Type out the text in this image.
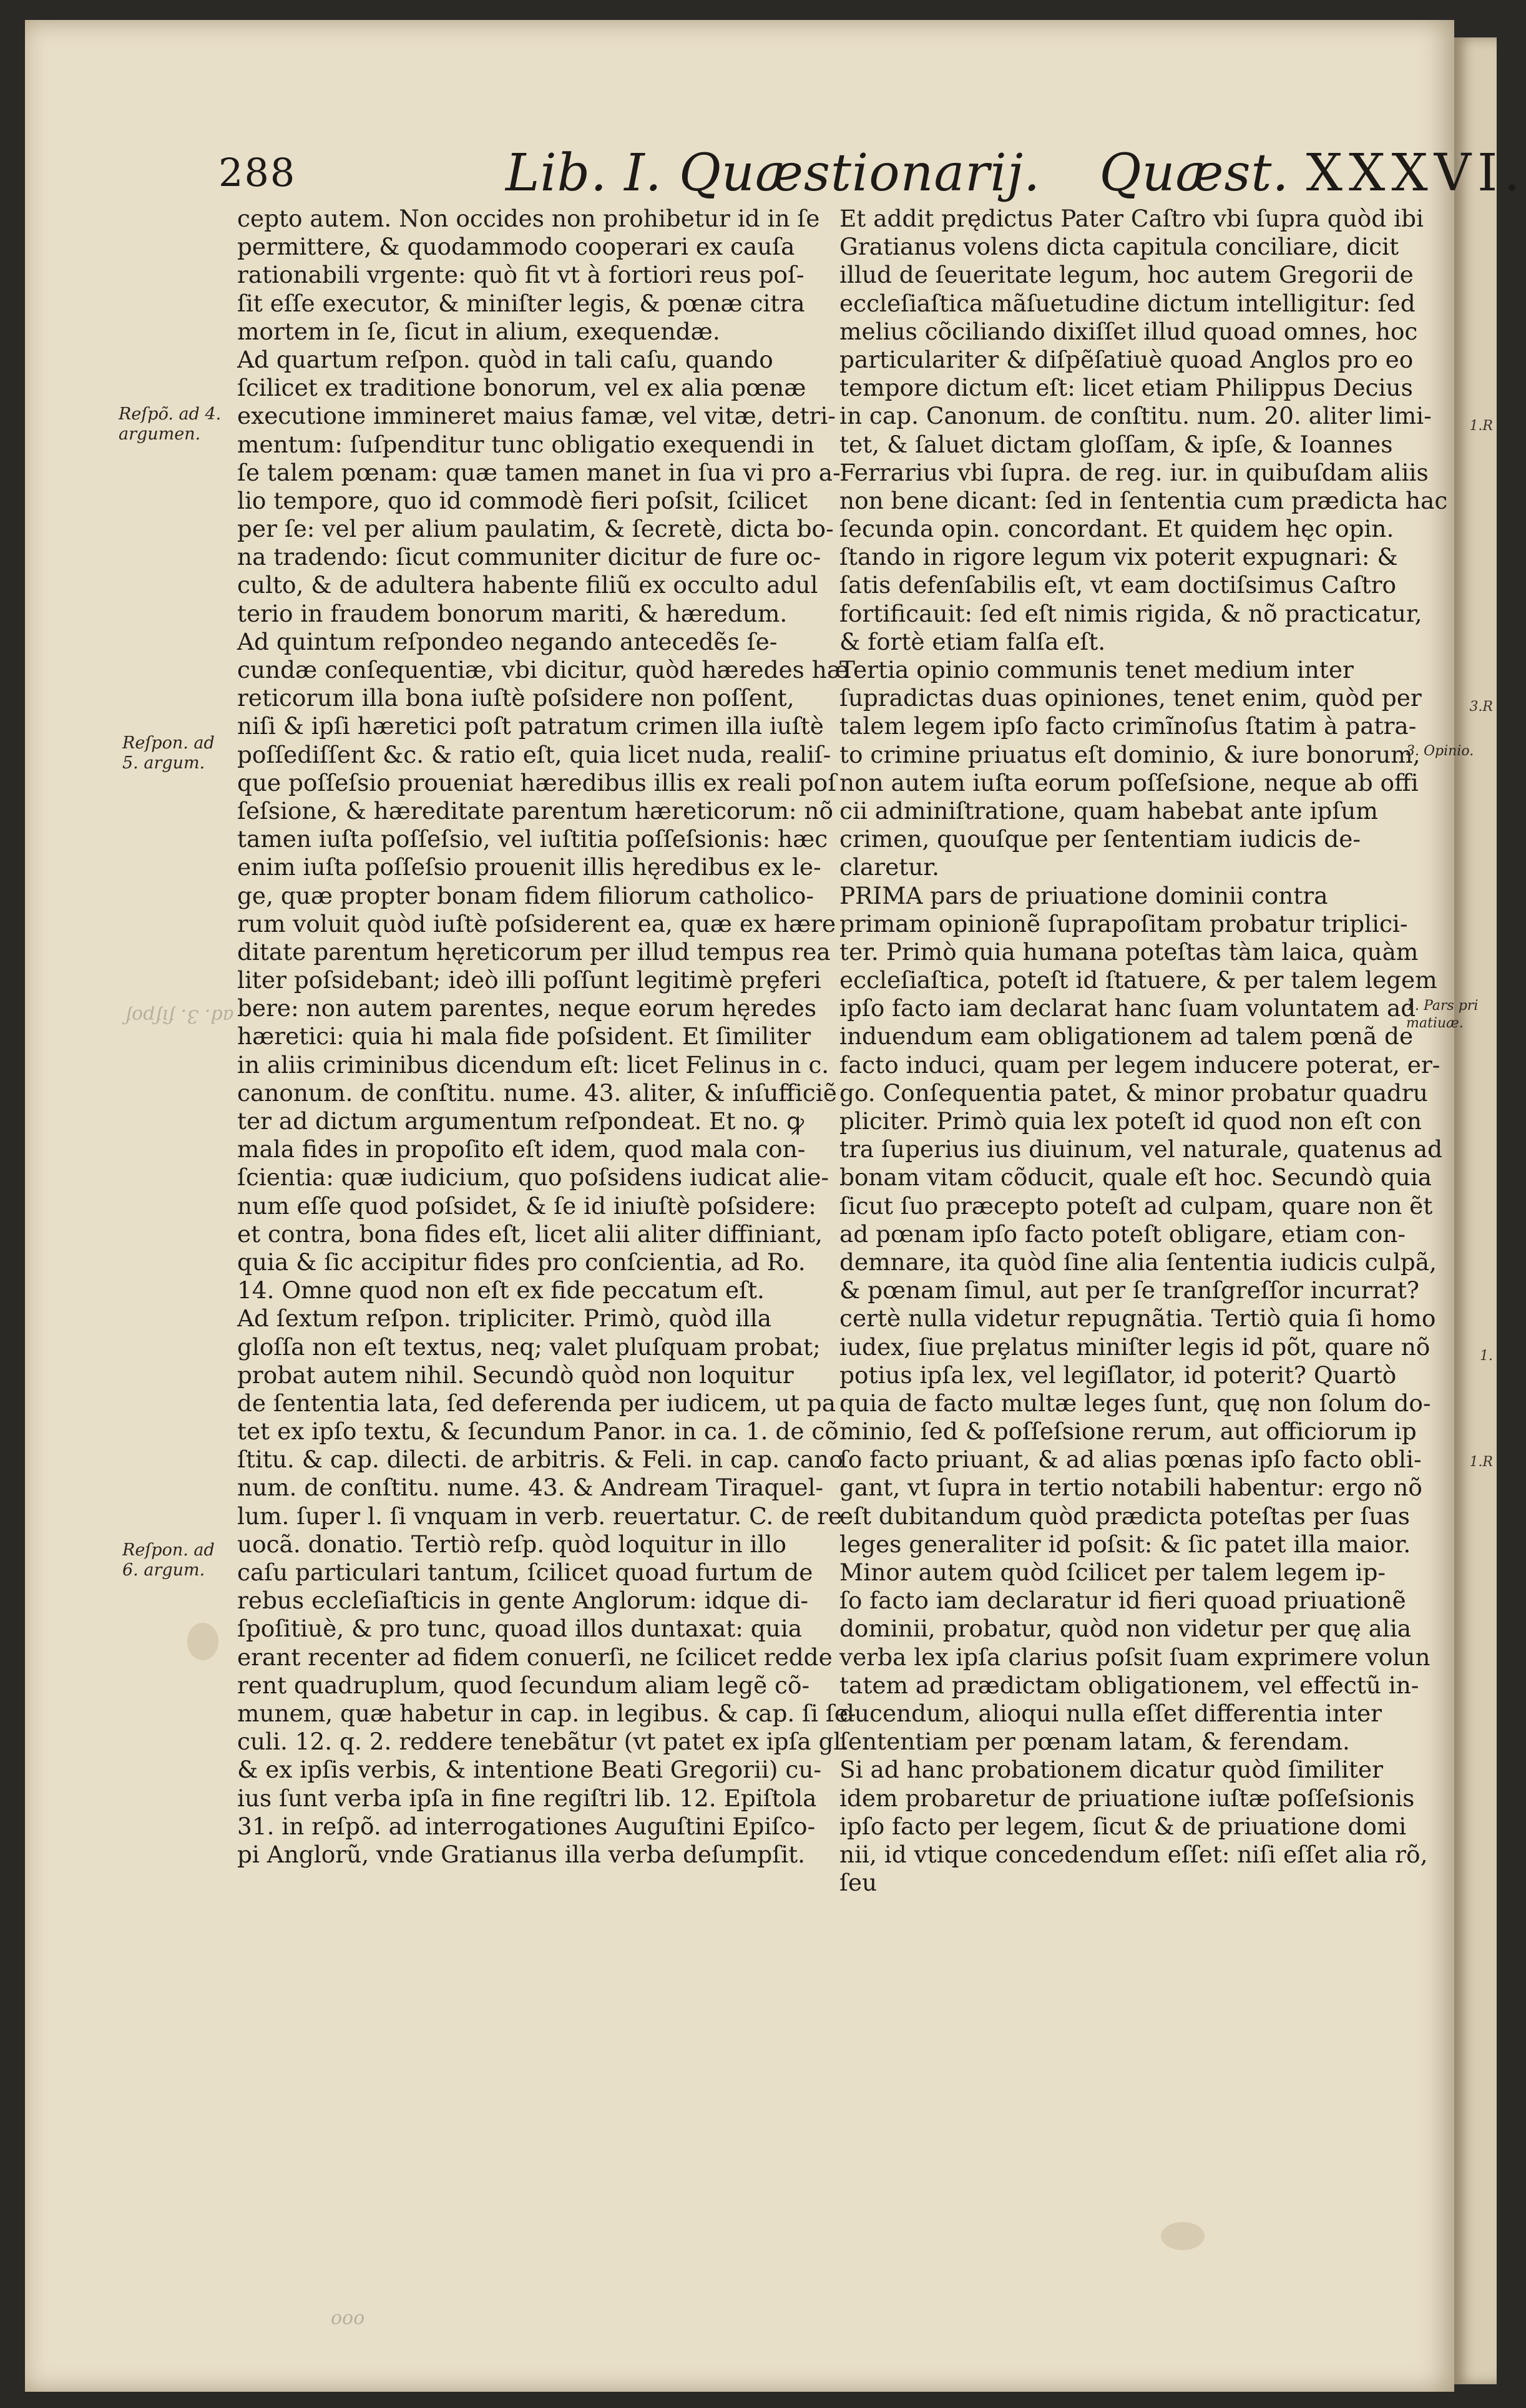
1.R
3.R
1.
1.R
288	Lib. I. Quæstionarij. Quæst. XXXVI.
cepto autem. Non occides non prohibetur id in ſe
permittere, & quodammodo cooperari ex cauſa
rationabili vrgente: quò fit vt à fortiori reus poſ-
ſit eſſe executor, & miniſter legis, & pœnæ citra
mortem in ſe, ſicut in alium, exequendæ.
Ad quartum reſpon. quòd in tali caſu, quando
ſcilicet ex traditione bonorum, vel ex alia pœnæ
executione immineret maius famæ, vel vitæ, detri-
mentum: ſuſpenditur tunc obligatio exequendi in
ſe talem pœnam: quæ tamen manet in ſua vi pro a-
lio tempore, quo id commodè fieri poſsit, ſcilicet
per ſe: vel per alium paulatim, & ſecretè, dicta bo-
na tradendo: ſicut communiter dicitur de fure oc-
culto, & de adultera habente filiũ ex occulto adul
terio in fraudem bonorum mariti, & hæredum.
Ad quintum reſpondeo negando antecedẽs ſe-
cundæ conſequentiæ, vbi dicitur, quòd hæredes hæ
reticorum illa bona iuſtè poſsidere non poſſent,
niſi & ipſi hæretici poſt patratum crimen illa iuſtè
poſſediſſent &c. & ratio eſt, quia licet nuda, realiſ-
que poſſeſsio proueniat hæredibus illis ex reali poſ
ſeſsione, & hæreditate parentum hæreticorum: nõ
tamen iuſta poſſeſsio, vel iuſtitia poſſeſsionis: hæc
enim iuſta poſſeſsio prouenit illis hęredibus ex le-
ge, quæ propter bonam fidem filiorum catholico-
rum voluit quòd iuſtè poſsiderent ea, quæ ex hære
ditate parentum hęreticorum per illud tempus rea
liter poſsidebant; ideò illi poſſunt legitimè prȩferi
bere: non autem parentes, neque eorum hęredes
hæretici: quia hi mala fide poſsident. Et ſimiliter
in aliis criminibus dicendum eſt: licet Felinus in c.
canonum. de conſtitu. nume. 43. aliter, & inſufficiẽ
ter ad dictum argumentum reſpondeat. Et no. ꝙ
mala fides in propoſito eſt idem, quod mala con-
ſcientia: quæ iudicium, quo poſsidens iudicat alie-
num eſſe quod poſsidet, & ſe id iniuſtè poſsidere:
et contra, bona fides eſt, licet alii aliter diffiniant,
quia & ſic accipitur fides pro conſcientia, ad Ro.
14. Omne quod non eſt ex fide peccatum eſt.
Ad ſextum reſpon. tripliciter. Primò, quòd illa
gloſſa non eſt textus, neq; valet pluſquam probat;
probat autem nihil. Secundò quòd non loquitur
de ſententia lata, ſed deferenda per iudicem, ut pa
tet ex ipſo textu, & ſecundum Panor. in ca. 1. de cõ
ſtitu. & cap. dilecti. de arbitris. & Feli. in cap. cano
num. de conſtitu. nume. 43. & Andream Tiraquel-
lum. ſuper l. ſi vnquam in verb. reuertatur. C. de re
uocã. donatio. Tertiò reſp. quòd loquitur in illo
caſu particulari tantum, ſcilicet quoad furtum de
rebus eccleſiaſticis in gente Anglorum: idque di-
ſpoſitiuè, & pro tunc, quoad illos duntaxat: quia
erant recenter ad fidem conuerſi, ne ſcilicet redde
rent quadruplum, quod ſecundum aliam legẽ cõ-
munem, quæ habetur in cap. in legibus. & cap. ſi ſe-
culi. 12. q. 2. reddere tenebãtur (vt patet ex ipſa gl.
& ex ipſis verbis, & intentione Beati Gregorii) cu-
ius ſunt verba ipſa in fine regiſtri lib. 12. Epiſtola
31. in reſpõ. ad interrogationes Auguſtini Epiſco-
pi Anglorũ, vnde Gratianus illa verba deſumpſit.
Et addit prędictus Pater Caſtro vbi ſupra quòd ibi
Gratianus volens dicta capitula conciliare, dicit
illud de ſeueritate legum, hoc autem Gregorii de
eccleſiaſtica mãſuetudine dictum intelligitur: ſed
melius cõciliando dixiſſet illud quoad omnes, hoc
particulariter & diſpẽſatiuè quoad Anglos pro eo
tempore dictum eſt: licet etiam Philippus Decius
in cap. Canonum. de conſtitu. num. 20. aliter limi-
tet, & ſaluet dictam gloſſam, & ipſe, & Ioannes
Ferrarius vbi ſupra. de reg. iur. in quibuſdam aliis
non bene dicant: ſed in ſententia cum prædicta hac
ſecunda opin. concordant. Et quidem hęc opin.
ſtando in rigore legum vix poterit expugnari: &
ſatis defenſabilis eſt, vt eam doctiſsimus Caſtro
fortificauit: ſed eſt nimis rigida, & nõ practicatur,
& fortè etiam falſa eſt.
Tertia opinio communis tenet medium inter
ſupradictas duas opiniones, tenet enim, quòd per
talem legem ipſo facto crimĩnoſus ſtatim à patra-
to crimine priuatus eſt dominio, & iure bonorum,
non autem iuſta eorum poſſeſsione, neque ab offi
cii adminiſtratione, quam habebat ante ipſum
crimen, quouſque per ſententiam iudicis de-
claretur.
PRIMA pars de priuatione dominii contra
primam opinionẽ ſuprapoſitam probatur triplici-
ter. Primò quia humana poteſtas tàm laica, quàm
eccleſiaſtica, poteſt id ſtatuere, & per talem legem
ipſo facto iam declarat hanc ſuam voluntatem ad
induendum eam obligationem ad talem pœnã de
facto induci, quam per legem inducere poterat, er-
go. Conſequentia patet, & minor probatur quadru
pliciter. Primò quia lex poteſt id quod non eſt con
tra ſuperius ius diuinum, vel naturale, quatenus ad
bonam vitam cõducit, quale eſt hoc. Secundò quia
ſicut ſuo præcepto poteſt ad culpam, quare non ẽt
ad pœnam ipſo facto poteſt obligare, etiam con-
demnare, ita quòd ſine alia ſententia iudicis culpã,
& pœnam ſimul, aut per ſe tranſgreſſor incurrat?
certè nulla videtur repugnãtia. Tertiò quia ſi homo
iudex, ſiue prȩlatus miniſter legis id põt, quare nõ
potius ipſa lex, vel legiſlator, id poterit? Quartò
quia de facto multæ leges ſunt, quę non ſolum do-
minio, ſed & poſſeſsione rerum, aut officiorum ip
ſo facto priuant, & ad alias pœnas ipſo facto obli-
gant, vt ſupra in tertio notabili habentur: ergo nõ
eſt dubitandum quòd prædicta poteſtas per ſuas
leges generaliter id poſsit: & ſic patet illa maior.
Minor autem quòd ſcilicet per talem legem ip-
ſo facto iam declaratur id fieri quoad priuationẽ
dominii, probatur, quòd non videtur per quę alia
verba lex ipſa clarius poſsit ſuam exprimere volun
tatem ad prædictam obligationem, vel effectũ in-
ducendum, alioqui nulla eſſet differentia inter
ſententiam per pœnam latam, & ferendam.
Si ad hanc probationem dicatur quòd ſimiliter
idem probaretur de priuatione iuſtæ poſſeſsionis
ipſo facto per legem, ſicut & de priuatione domi
nii, id vtique concedendum eſſet: niſi eſſet alia rõ,
ſeu
Reſpõ. ad 4.
argumen.
Reſpon. ad
5. argum.
Reſpon. ad
6. argum.
3. Opinio.
1. Pars pri
matiuæ.
ad. 3. ſiſpoſ
ooo
